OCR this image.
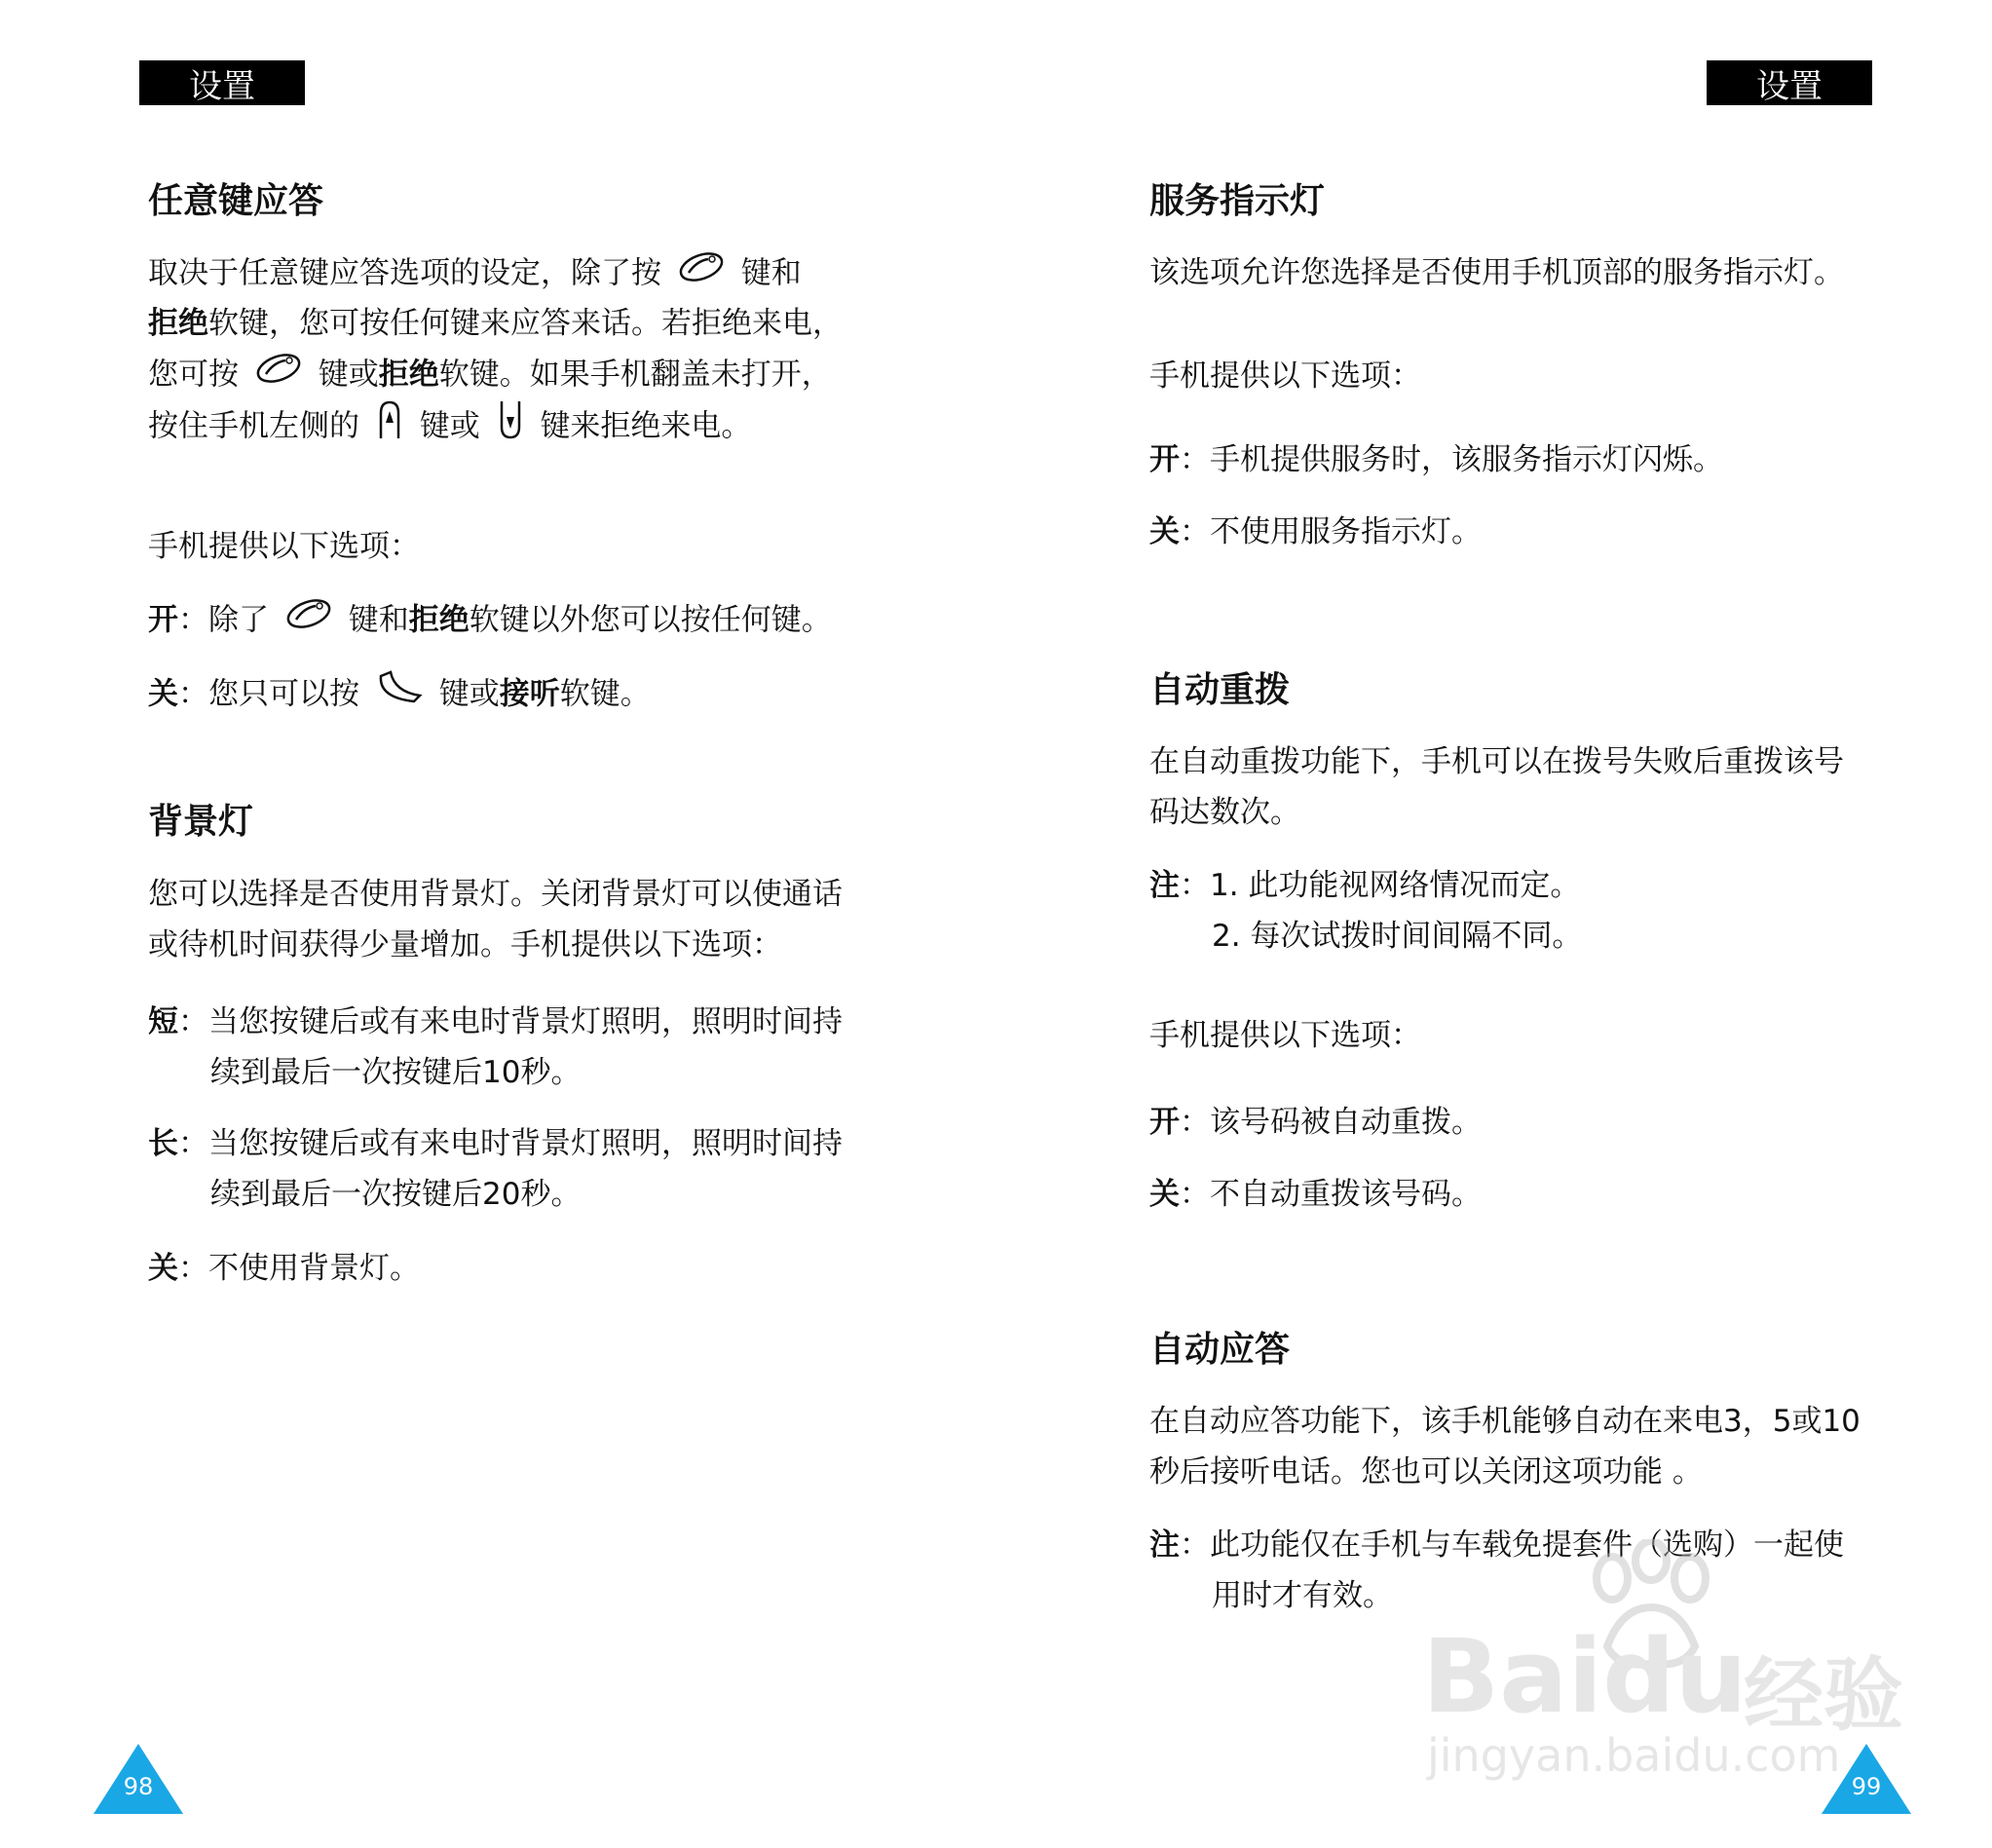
设置
任意键应答

取决于任意键应答选项的设定，除了按	键和

拒绝软键，您可按任何键来应答来话。若拒绝来电，

您可按	键或拒绝软键。如果手机翻盖未打开，

按住手机左侧的 键或 键来拒绝来电。

手机提供以下选项：

开：除了	键和拒绝软键以外您可以按任何键。

关：您只可以按	键或接听软键。

背景灯

您可以选择是否使用背景灯。关闭背景灯可以使通话

或待机时间获得少量增加。手机提供以下选项：

短：当您按键后或有来电时背景灯照明，照明时间持
续到最后一次按键后10秒。

长：当您按键后或有来电时背景灯照明，照明时间持
续到最后一次按键后20秒。

关：不使用背景灯。

98
设置
服务指示灯

该选项允许您选择是否使用手机顶部的服务指示灯。

手机提供以下选项：

开：手机提供服务时，该服务指示灯闪烁。

关：不使用服务指示灯。

自动重拨

在自动重拨功能下，手机可以在拨号失败后重拨该号

码达数次。

注：1. 此功能视网络情况而定。
2. 每次试拨时间间隔不同。

手机提供以下选项：

开：该号码被自动重拨。

关：不自动重拨该号码。

自动应答

在自动应答功能下，该手机能够自动在来电3，5或10

秒后接听电话。您也可以关闭这项功能 。

注：此功能仅在手机与车载免提套件（选购）一起使
用时才有效。

99
Baidu
经验
jingyan.baidu.com
